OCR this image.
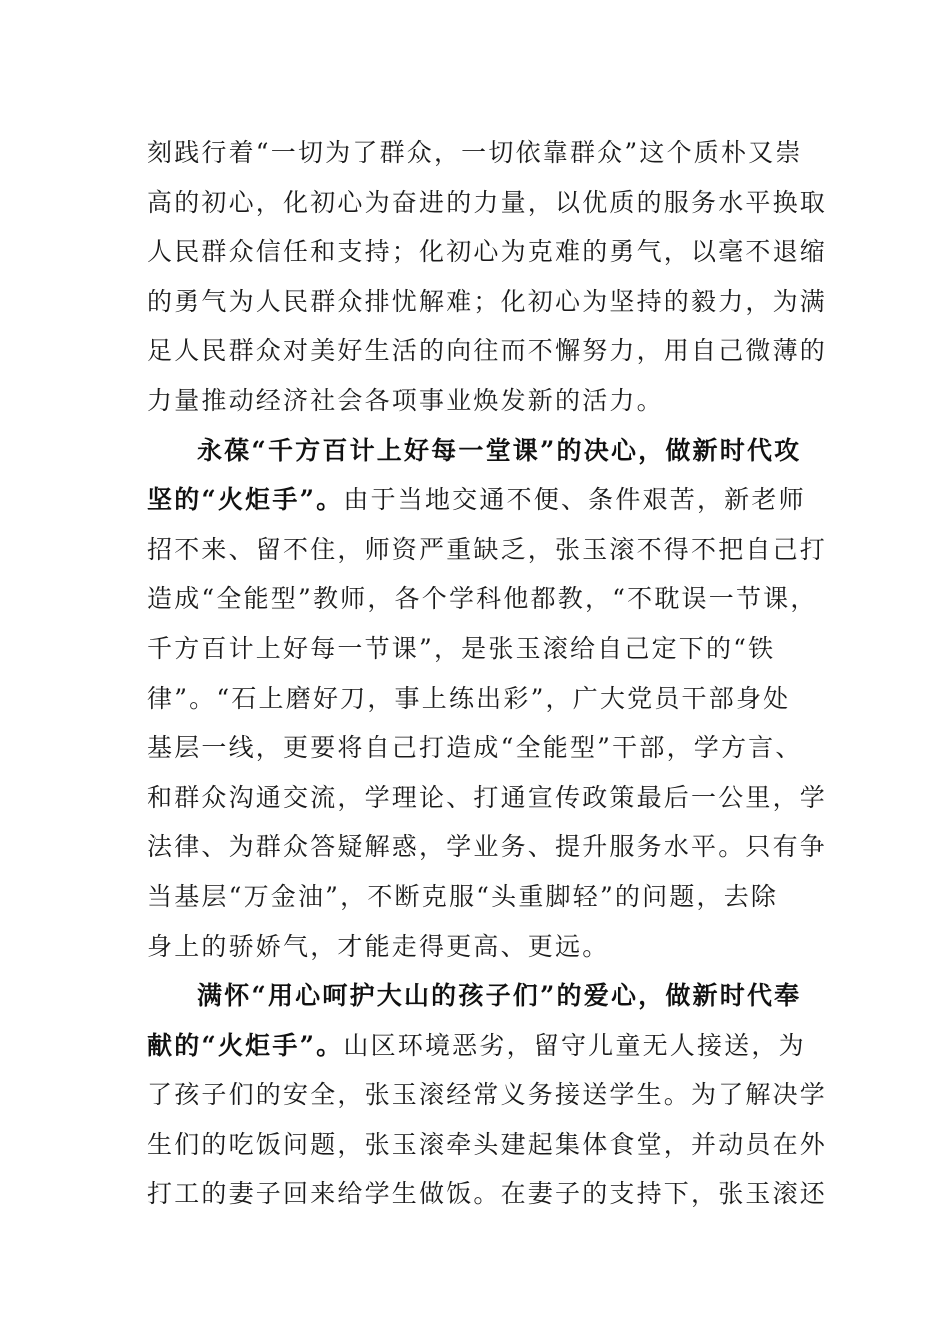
刻践行着“一切为了群众，一切依靠群众”这个质朴又崇
高的初心，化初心为奋进的力量，以优质的服务水平换取
人民群众信任和支持；化初心为克难的勇气，以毫不退缩
的勇气为人民群众排忧解难；化初心为坚持的毅力，为满
足人民群众对美好生活的向往而不懈努力，用自己微薄的
力量推动经济社会各项事业焕发新的活力。
永葆“千方百计上好每一堂课”的决心，做新时代攻
坚的“火炬手”。由于当地交通不便、条件艰苦，新老师
招不来、留不住，师资严重缺乏，张玉滚不得不把自己打
造成“全能型”教师，各个学科他都教，“不耽误一节课，
千方百计上好每一节课”，是张玉滚给自己定下的“铁
律”。“石上磨好刀，事上练出彩”，广大党员干部身处
基层一线，更要将自己打造成“全能型”干部，学方言、
和群众沟通交流，学理论、打通宣传政策最后一公里，学
法律、为群众答疑解惑，学业务、提升服务水平。只有争
当基层“万金油”，不断克服“头重脚轻”的问题，去除
身上的骄娇气，才能走得更高、更远。
满怀“用心呵护大山的孩子们”的爱心，做新时代奉
献的“火炬手”。山区环境恶劣，留守儿童无人接送，为
了孩子们的安全，张玉滚经常义务接送学生。为了解决学
生们的吃饭问题，张玉滚牵头建起集体食堂，并动员在外
打工的妻子回来给学生做饭。在妻子的支持下，张玉滚还
